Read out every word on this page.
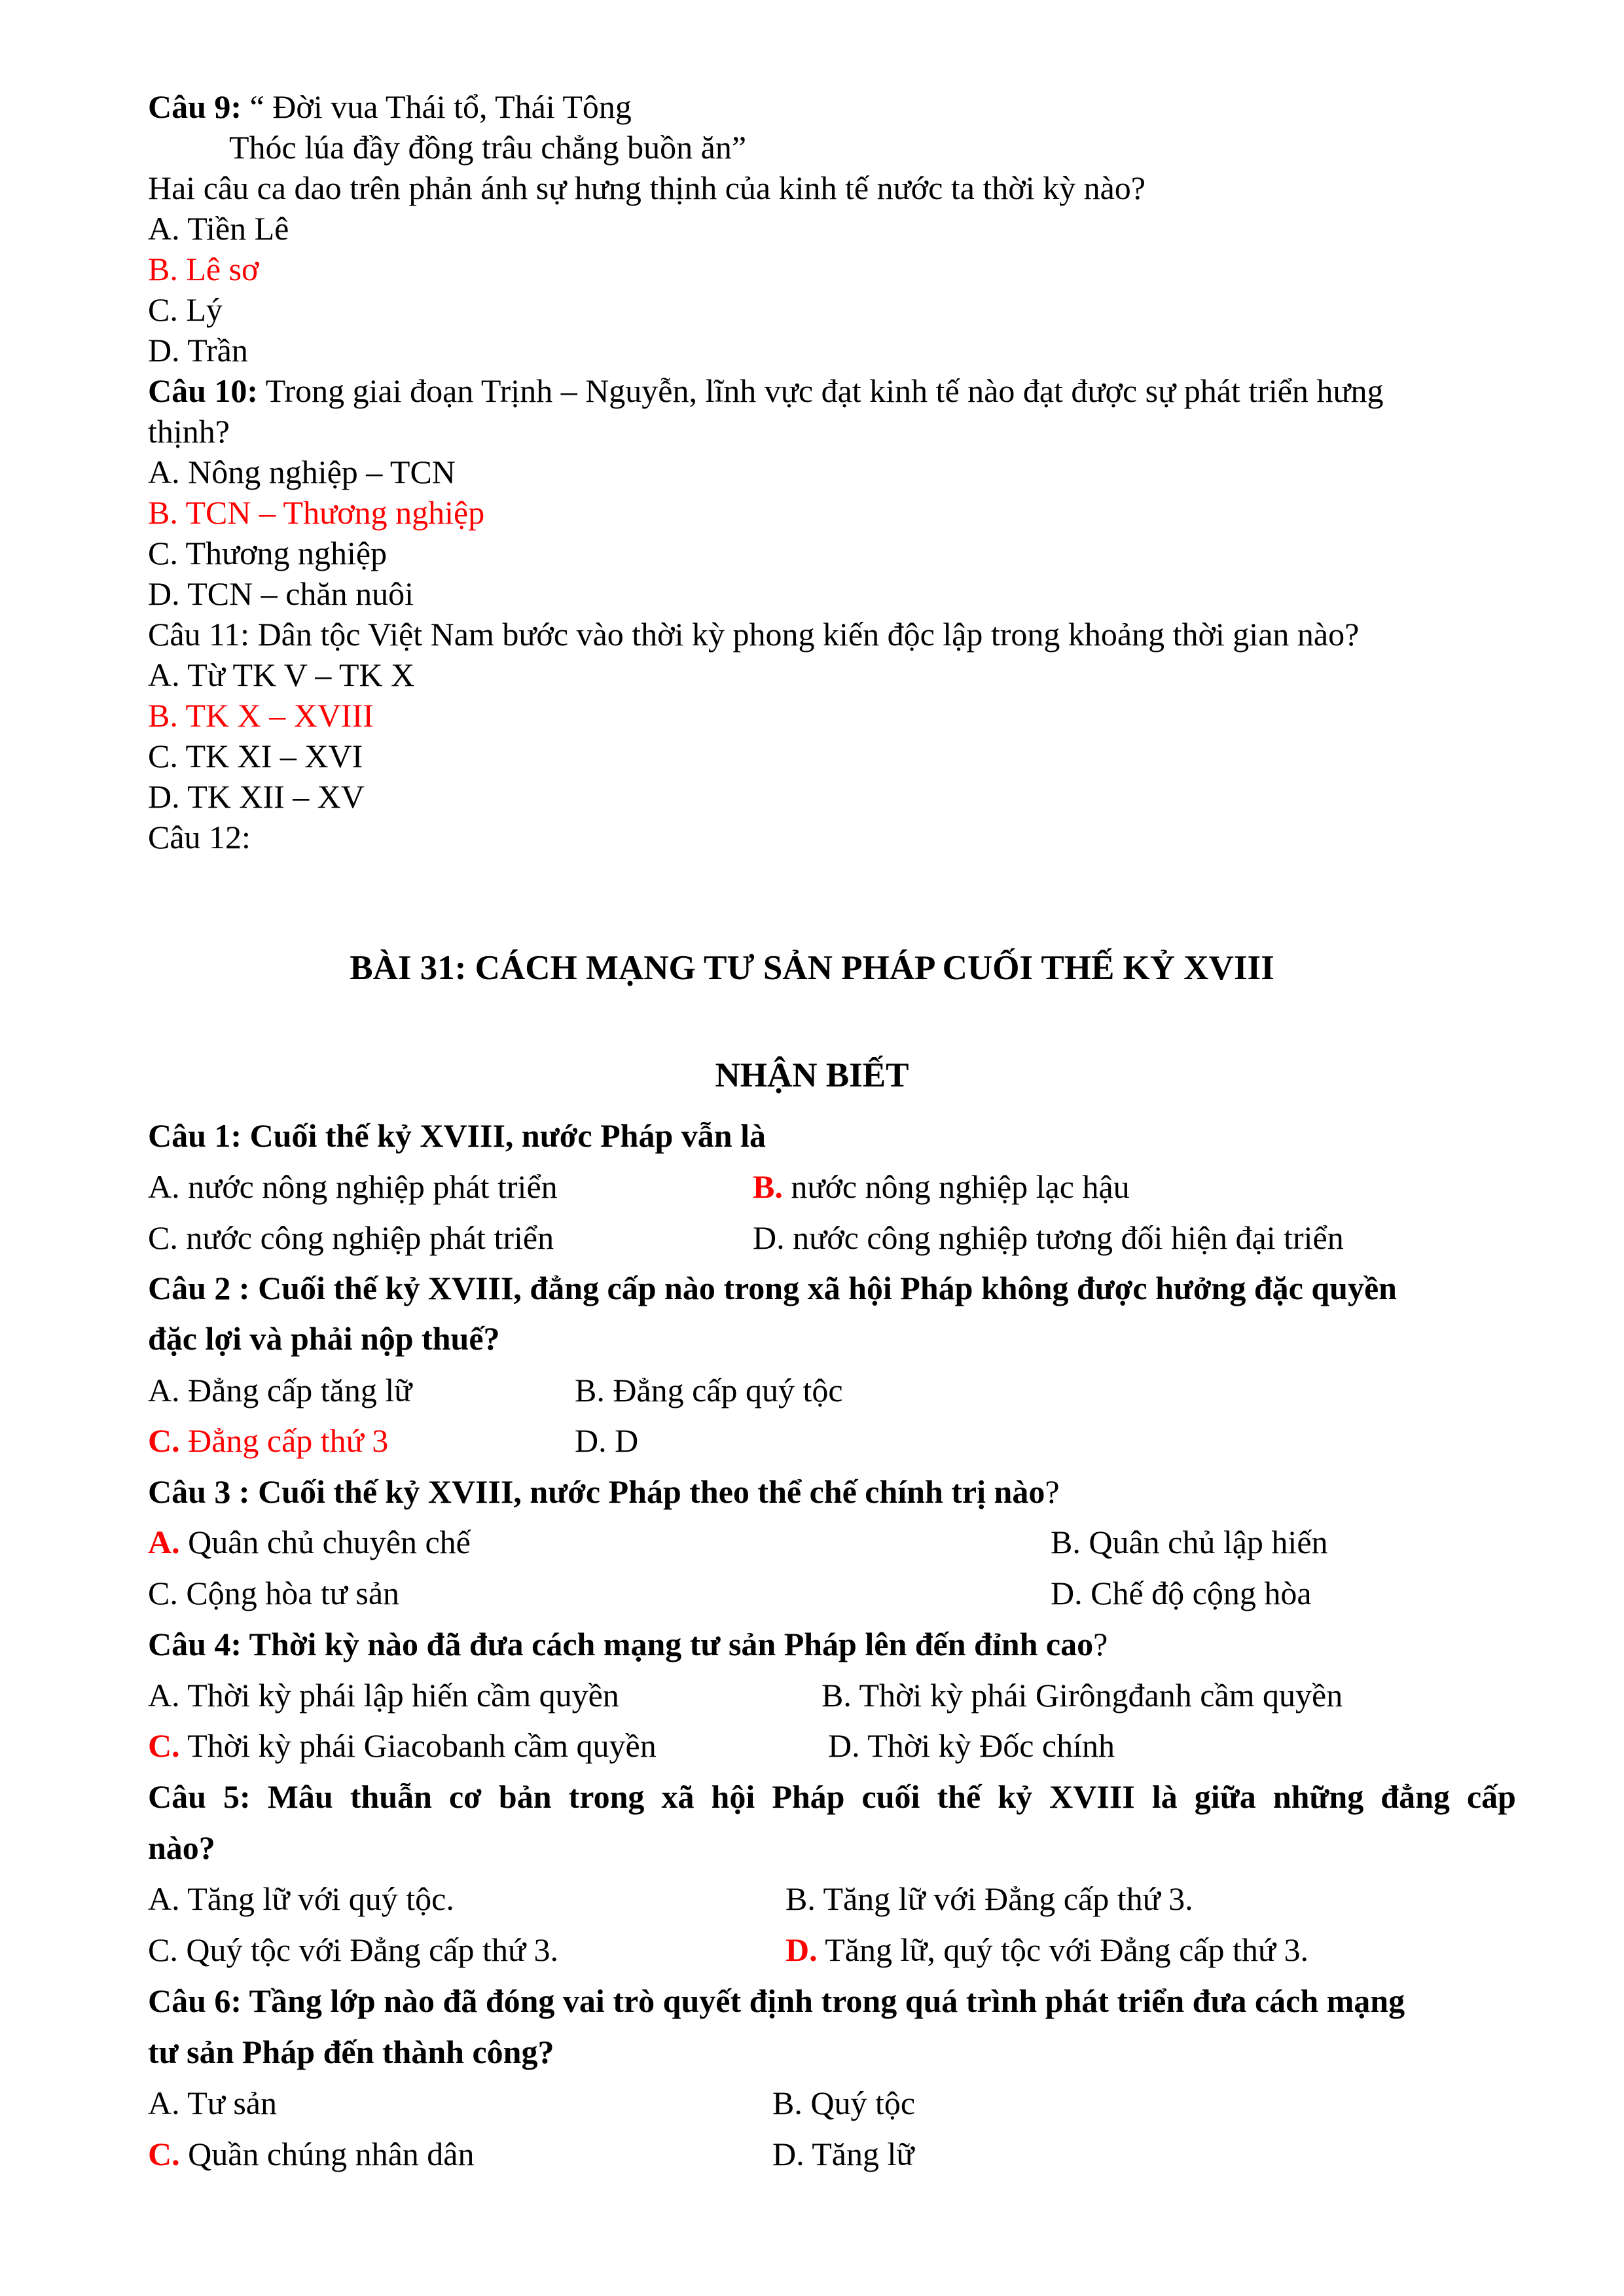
Câu 9: “ Đời vua Thái tổ, Thái Tông
Thóc lúa đầy đồng trâu chẳng buồn ăn”
Hai câu ca dao trên phản ánh sự hưng thịnh của kinh tế nước ta thời kỳ nào?
A. Tiền Lê
B. Lê sơ
C. Lý
D. Trần
Câu 10: Trong giai đoạn Trịnh – Nguyễn, lĩnh vực đạt kinh tế nào đạt được sự phát triển hưng
thịnh?
A. Nông nghiệp – TCN
B. TCN – Thương nghiệp
C. Thương nghiệp
D. TCN – chăn nuôi
Câu 11: Dân tộc Việt Nam bước vào thời kỳ phong kiến độc lập trong khoảng thời gian nào?
A. Từ TK V – TK X
B. TK X – XVIII
C. TK XI – XVI
D. TK XII – XV
Câu 12:
BÀI 31: CÁCH MẠNG TƯ SẢN PHÁP CUỐI THẾ KỶ XVIII
NHẬN BIẾT
Câu 1: Cuối thế kỷ XVIII, nước Pháp vẫn là
A. nước nông nghiệp phát triển	B. nước nông nghiệp lạc hậu
C. nước công nghiệp phát triển	D. nước công nghiệp tương đối hiện đại triển
Câu 2 : Cuối thế kỷ XVIII, đẳng cấp nào trong xã hội Pháp không được hưởng đặc quyền
đặc lợi và phải nộp thuế?
A. Đẳng cấp tăng lữ	B. Đẳng cấp quý tộc
C. Đẳng cấp thứ 3	D. D
Câu 3 : Cuối thế kỷ XVIII, nước Pháp theo thể chế chính trị nào?
A. Quân chủ chuyên chế	B. Quân chủ lập hiến
C. Cộng hòa tư sản	D. Chế độ cộng hòa
Câu 4: Thời kỳ nào đã đưa cách mạng tư sản Pháp lên đến đỉnh cao?
A. Thời kỳ phái lập hiến cầm quyền	B. Thời kỳ phái Girôngđanh cầm quyền
C. Thời kỳ phái Giacobanh cầm quyền	D. Thời kỳ Đốc chính
Câu 5: Mâu thuẫn cơ bản trong xã hội Pháp cuối thế kỷ XVIII là giữa những đẳng cấp
nào?
A. Tăng lữ với quý tộc.	B. Tăng lữ với Đẳng cấp thứ 3.
C. Quý tộc với Đẳng cấp thứ 3.	D. Tăng lữ, quý tộc với Đẳng cấp thứ 3.
Câu 6: Tầng lớp nào đã đóng vai trò quyết định trong quá trình phát triển đưa cách mạng
tư sản Pháp đến thành công?
A. Tư sản	B. Quý tộc
C. Quần chúng nhân dân	D. Tăng lữ
